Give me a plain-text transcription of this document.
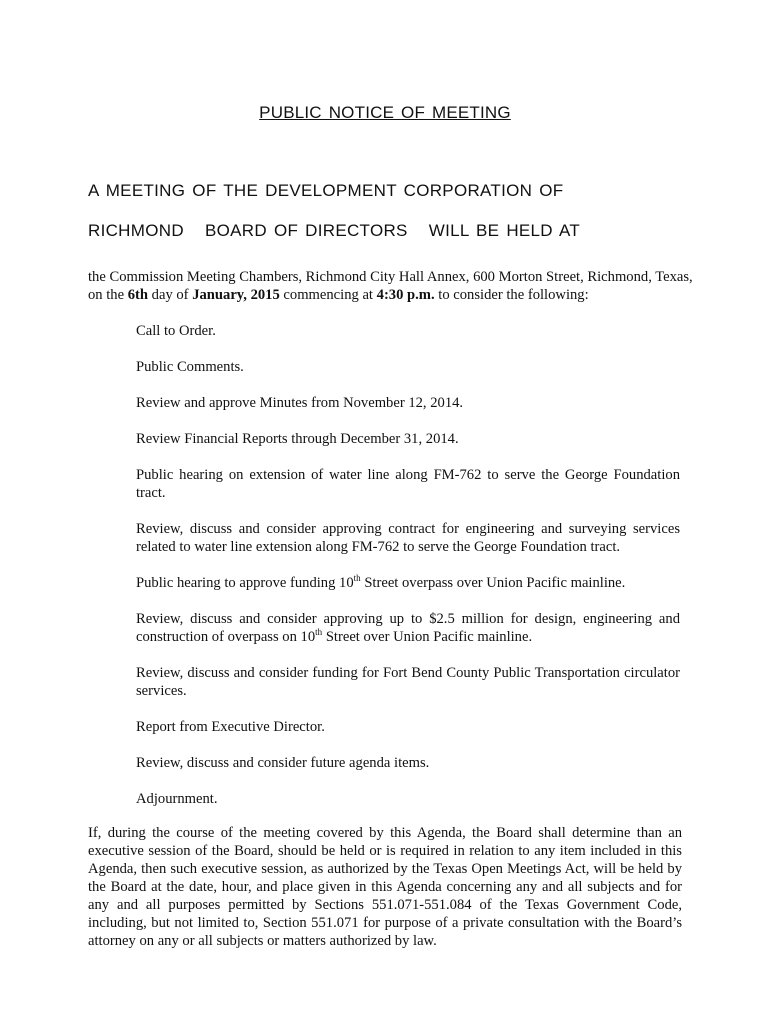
PUBLIC NOTICE OF MEETING
A MEETING OF THE DEVELOPMENT CORPORATION OF
RICHMOND   BOARD OF DIRECTORS   WILL BE HELD AT

the Commission Meeting Chambers, Richmond City Hall Annex, 600 Morton Street, Richmond, Texas, on the 6th day of January, 2015 commencing at 4:30 p.m. to consider the following:

Call to Order.
Public Comments.
Review and approve Minutes from November 12, 2014.
Review Financial Reports through December 31, 2014.
Public hearing on extension of water line along FM-762 to serve the George Foundation tract.
Review, discuss and consider approving contract for engineering and surveying services related to water line extension along FM-762 to serve the George Foundation tract.
Public hearing to approve funding 10th Street overpass over Union Pacific mainline.
Review, discuss and consider approving up to $2.5 million for design, engineering and construction of overpass on 10th Street over Union Pacific mainline.
Review, discuss and consider funding for Fort Bend County Public Transportation circulator services.
Report from Executive Director.
Review, discuss and consider future agenda items.
Adjournment.

If, during the course of the meeting covered by this Agenda, the Board shall determine than an executive session of the Board, should be held or is required in relation to any item included in this Agenda, then such executive session, as authorized by the Texas Open Meetings Act, will be held by the Board at the date, hour, and place given in this Agenda concerning any and all subjects and for any and all purposes permitted by Sections 551.071-551.084 of the Texas Government Code, including, but not limited to, Section 551.071 for purpose of a private consultation with the Board’s attorney on any or all subjects or matters authorized by law.
